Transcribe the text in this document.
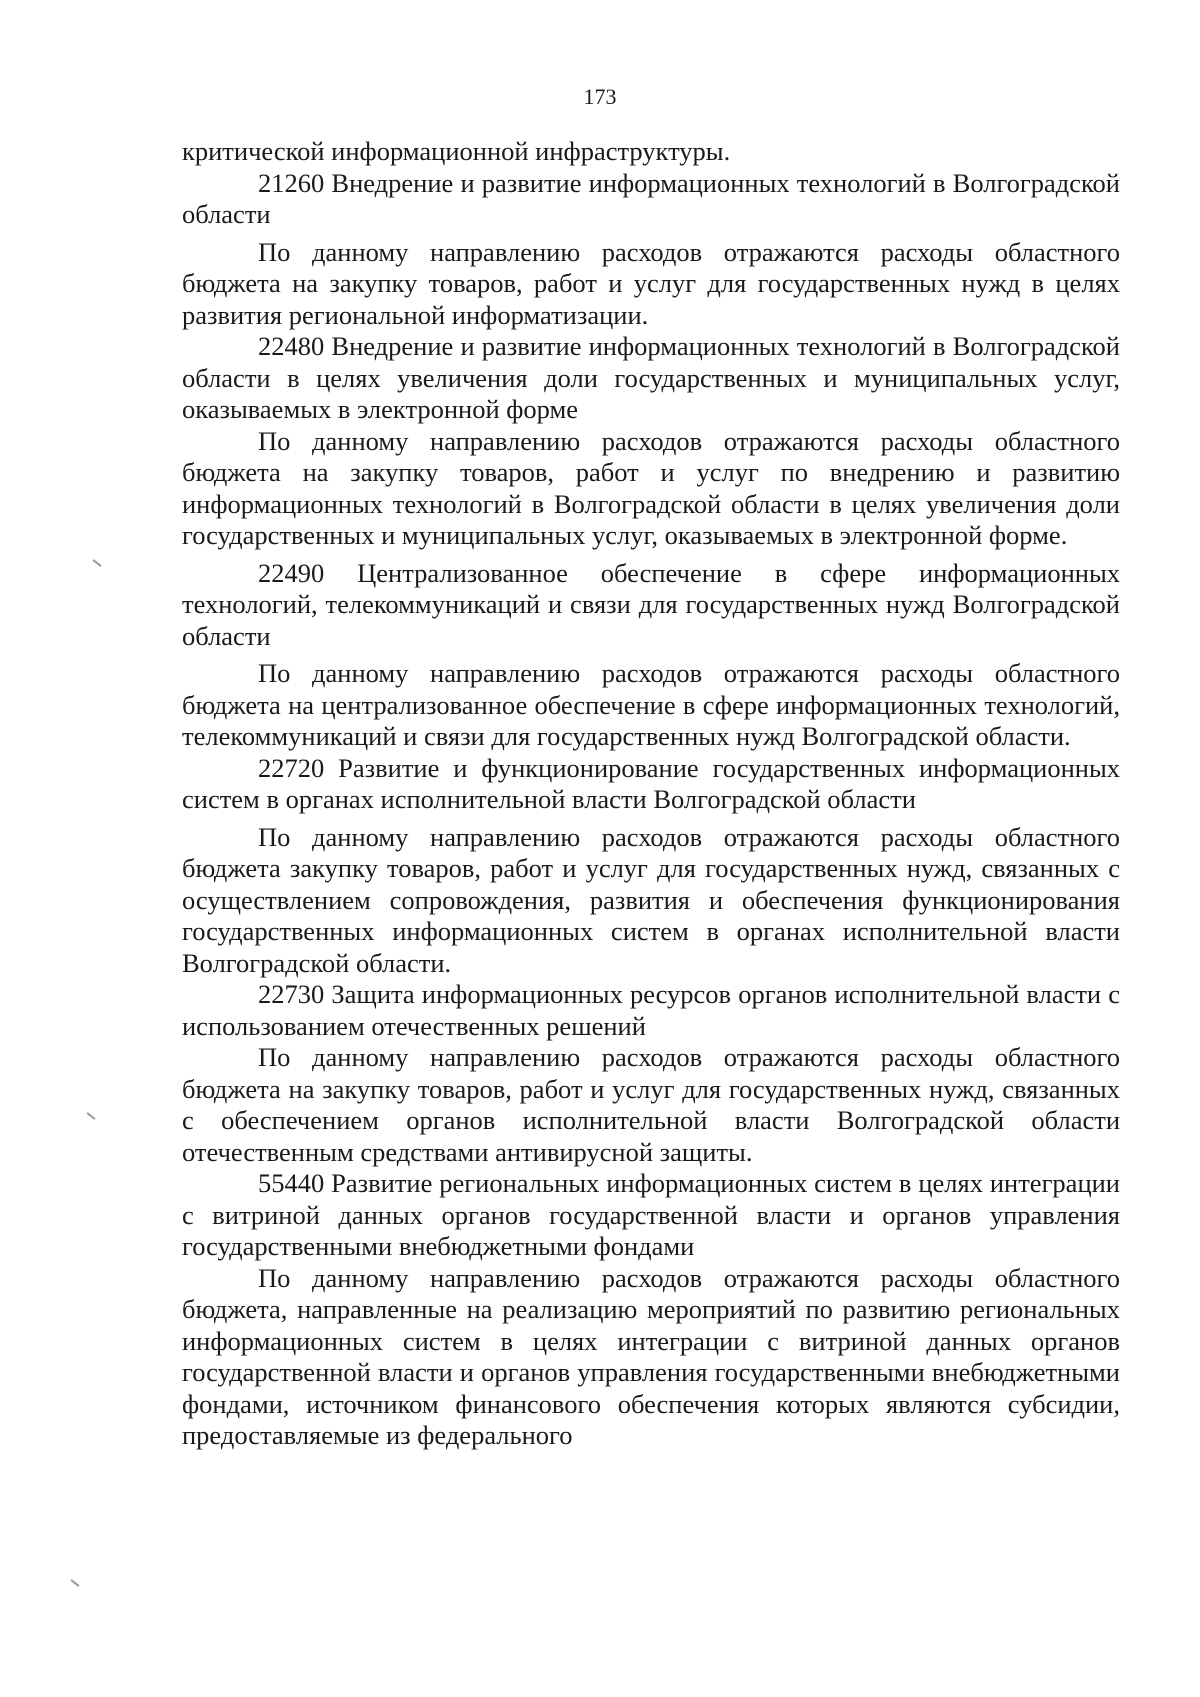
173

критической информационной инфраструктуры.

21260 Внедрение и развитие информационных технологий в Волгоградской области

По данному направлению расходов отражаются расходы областного бюджета на закупку товаров, работ и услуг для государственных нужд в целях развития региональной информатизации.

22480 Внедрение и развитие информационных технологий в Волгоградской области в целях увеличения доли государственных и муниципальных услуг, оказываемых в электронной форме

По данному направлению расходов отражаются расходы областного бюджета на закупку товаров, работ и услуг по внедрению и развитию информационных технологий в Волгоградской области в целях увеличения доли государственных и муниципальных услуг, оказываемых в электронной форме.

22490 Централизованное обеспечение в сфере информационных технологий, телекоммуникаций и связи для государственных нужд Волгоградской области

По данному направлению расходов отражаются расходы областного бюджета на централизованное обеспечение в сфере информационных технологий, телекоммуникаций и связи для государственных нужд Волгоградской области.

22720 Развитие и функционирование государственных информационных систем в органах исполнительной власти Волгоградской области

По данному направлению расходов отражаются расходы областного бюджета закупку товаров, работ и услуг для государственных нужд, связанных с осуществлением сопровождения, развития и обеспечения функционирования государственных информационных систем в органах исполнительной власти Волгоградской области.

22730 Защита информационных ресурсов органов исполнительной власти с использованием отечественных решений

По данному направлению расходов отражаются расходы областного бюджета на закупку товаров, работ и услуг для государственных нужд, связанных с обеспечением органов исполнительной власти Волгоградской области отечественным средствами антивирусной защиты.

55440 Развитие региональных информационных систем в целях интеграции с витриной данных органов государственной власти и органов управления государственными внебюджетными фондами

По данному направлению расходов отражаются расходы областного бюджета, направленные на реализацию мероприятий по развитию региональных информационных систем в целях интеграции с витриной данных органов государственной власти и органов управления государственными внебюджетными фондами, источником финансового обеспечения которых являются субсидии, предоставляемые из федерального
